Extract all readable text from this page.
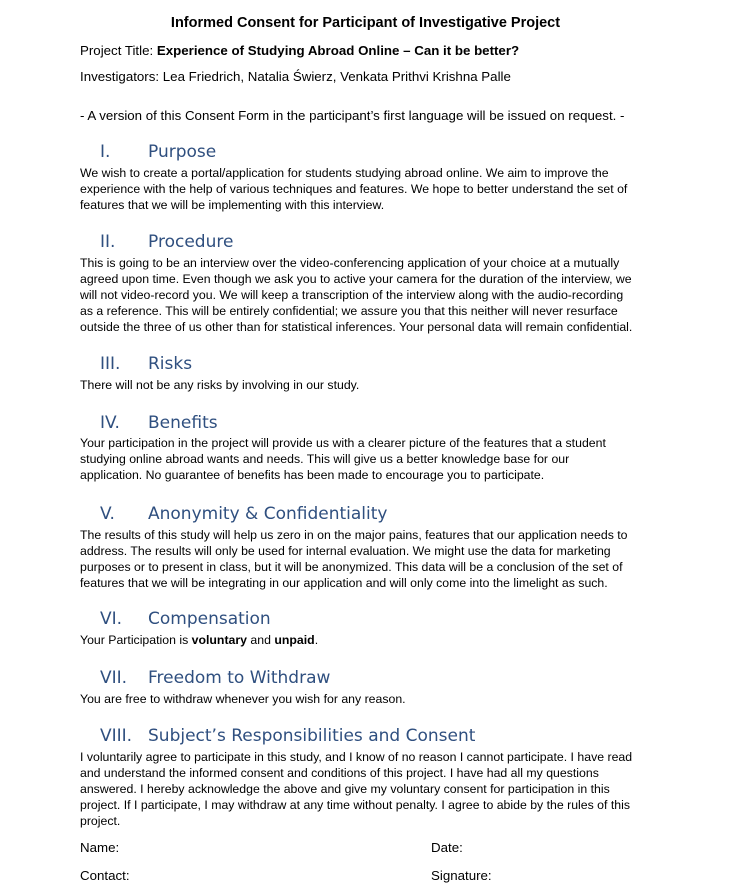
Informed Consent for Participant of Investigative Project
Project Title: Experience of Studying Abroad Online – Can it be better?
Investigators: Lea Friedrich, Natalia Świerz, Venkata Prithvi Krishna Palle
- A version of this Consent Form in the participant’s first language will be issued on request. -
I. Purpose
We wish to create a portal/application for students studying abroad online. We aim to improve the
experience with the help of various techniques and features. We hope to better understand the set of
features that we will be implementing with this interview.
II. Procedure
This is going to be an interview over the video-conferencing application of your choice at a mutually
agreed upon time. Even though we ask you to active your camera for the duration of the interview, we
will not video-record you. We will keep a transcription of the interview along with the audio-recording
as a reference. This will be entirely confidential; we assure you that this neither will never resurface
outside the three of us other than for statistical inferences. Your personal data will remain confidential.
III. Risks
There will not be any risks by involving in our study.
IV. Benefits
Your participation in the project will provide us with a clearer picture of the features that a student
studying online abroad wants and needs. This will give us a better knowledge base for our
application. No guarantee of benefits has been made to encourage you to participate.
V. Anonymity & Confidentiality
The results of this study will help us zero in on the major pains, features that our application needs to
address. The results will only be used for internal evaluation. We might use the data for marketing
purposes or to present in class, but it will be anonymized. This data will be a conclusion of the set of
features that we will be integrating in our application and will only come into the limelight as such.
VI. Compensation
Your Participation is voluntary and unpaid.
VII. Freedom to Withdraw
You are free to withdraw whenever you wish for any reason.
VIII. Subject’s Responsibilities and Consent
I voluntarily agree to participate in this study, and I know of no reason I cannot participate. I have read
and understand the informed consent and conditions of this project. I have had all my questions
answered. I hereby acknowledge the above and give my voluntary consent for participation in this
project. If I participate, I may withdraw at any time without penalty. I agree to abide by the rules of this
project.
Name:	Date:
Contact:	Signature:
